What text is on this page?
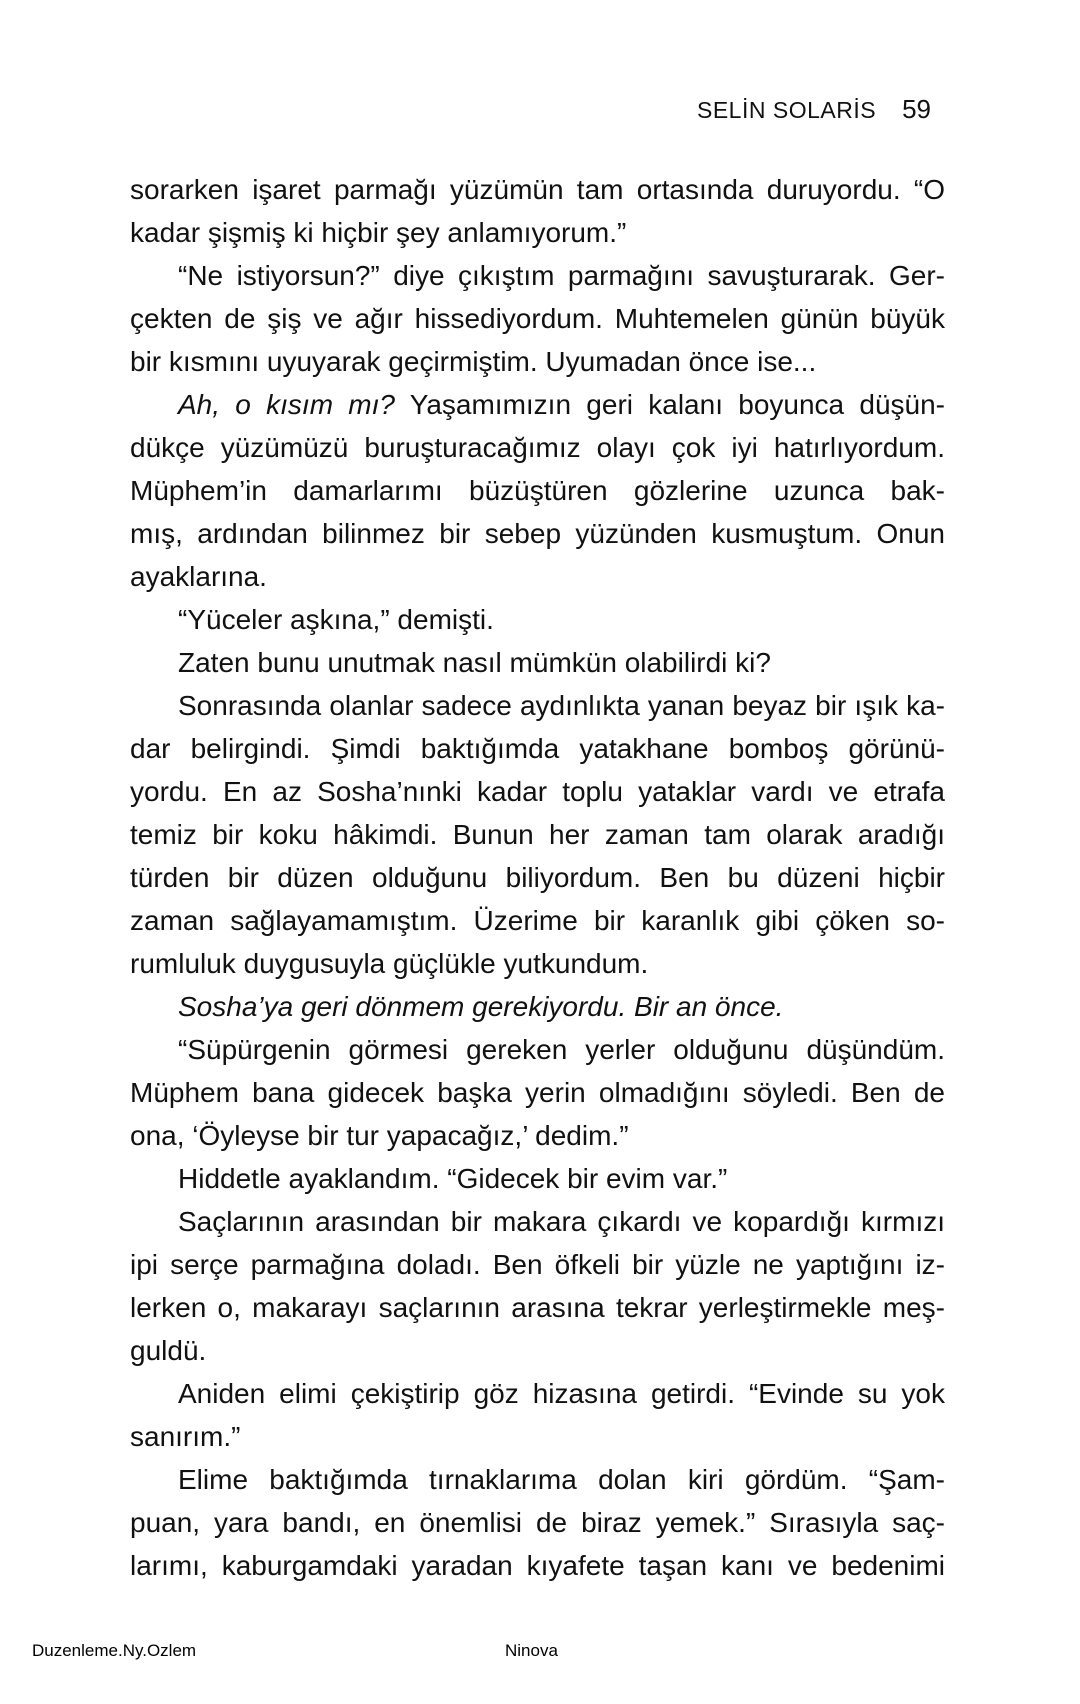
SELİN SOLARİS 59
sorarken işaret parmağı yüzümün tam ortasında duruyordu. “O
kadar şişmiş ki hiçbir şey anlamıyorum.”
“Ne istiyorsun?” diye çıkıştım parmağını savuşturarak. Ger-
çekten de şiş ve ağır hissediyordum. Muhtemelen günün büyük
bir kısmını uyuyarak geçirmiştim. Uyumadan önce ise...
Ah, o kısım mı? Yaşamımızın geri kalanı boyunca düşün-
dükçe yüzümüzü buruşturacağımız olayı çok iyi hatırlıyordum.
Müphem’in damarlarımı büzüştüren gözlerine uzunca bak-
mış, ardından bilinmez bir sebep yüzünden kusmuştum. Onun
ayaklarına.
“Yüceler aşkına,” demişti.
Zaten bunu unutmak nasıl mümkün olabilirdi ki?
Sonrasında olanlar sadece aydınlıkta yanan beyaz bir ışık ka-
dar belirgindi. Şimdi baktığımda yatakhane bomboş görünü-
yordu. En az Sosha’nınki kadar toplu yataklar vardı ve etrafa
temiz bir koku hâkimdi. Bunun her zaman tam olarak aradığı
türden bir düzen olduğunu biliyordum. Ben bu düzeni hiçbir
zaman sağlayamamıştım. Üzerime bir karanlık gibi çöken so-
rumluluk duygusuyla güçlükle yutkundum.
Sosha’ya geri dönmem gerekiyordu. Bir an önce.
“Süpürgenin görmesi gereken yerler olduğunu düşündüm.
Müphem bana gidecek başka yerin olmadığını söyledi. Ben de
ona, ‘Öyleyse bir tur yapacağız,’ dedim.”
Hiddetle ayaklandım. “Gidecek bir evim var.”
Saçlarının arasından bir makara çıkardı ve kopardığı kırmızı
ipi serçe parmağına doladı. Ben öfkeli bir yüzle ne yaptığını iz-
lerken o, makarayı saçlarının arasına tekrar yerleştirmekle meş-
guldü.
Aniden elimi çekiştirip göz hizasına getirdi. “Evinde su yok
sanırım.”
Elime baktığımda tırnaklarıma dolan kiri gördüm. “Şam-
puan, yara bandı, en önemlisi de biraz yemek.” Sırasıyla saç-
larımı, kaburgamdaki yaradan kıyafete taşan kanı ve bedenimi
Duzenleme.Ny.Ozlem	Ninova
